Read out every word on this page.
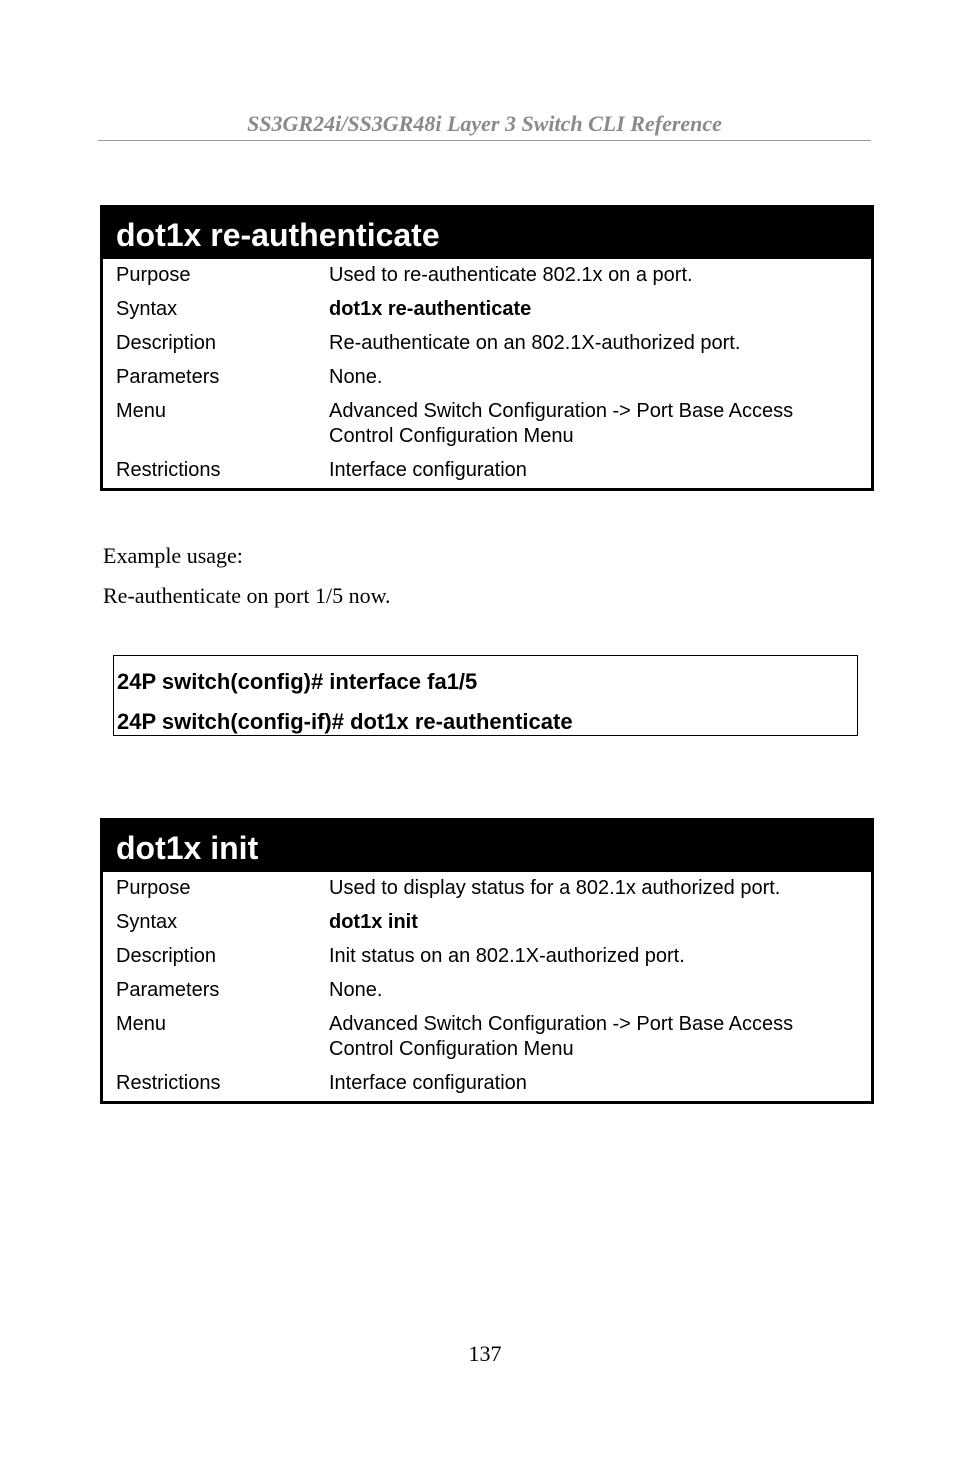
SS3GR24i/SS3GR48i Layer 3 Switch CLI Reference
dot1x re-authenticate
Purpose	Used to re-authenticate 802.1x on a port.
Syntax	dot1x re-authenticate
Description	Re-authenticate on an 802.1X-authorized port.
Parameters	None.
Menu	Advanced Switch Configuration -> Port Base Access Control Configuration Menu
Restrictions	Interface configuration
Example usage:
Re-authenticate on port 1/5 now.
24P switch(config)# interface fa1/5
24P switch(config-if)# dot1x re-authenticate
dot1x init
Purpose	Used to display status for a 802.1x authorized port.
Syntax	dot1x init
Description	Init status on an 802.1X-authorized port.
Parameters	None.
Menu	Advanced Switch Configuration -> Port Base Access Control Configuration Menu
Restrictions	Interface configuration
137
